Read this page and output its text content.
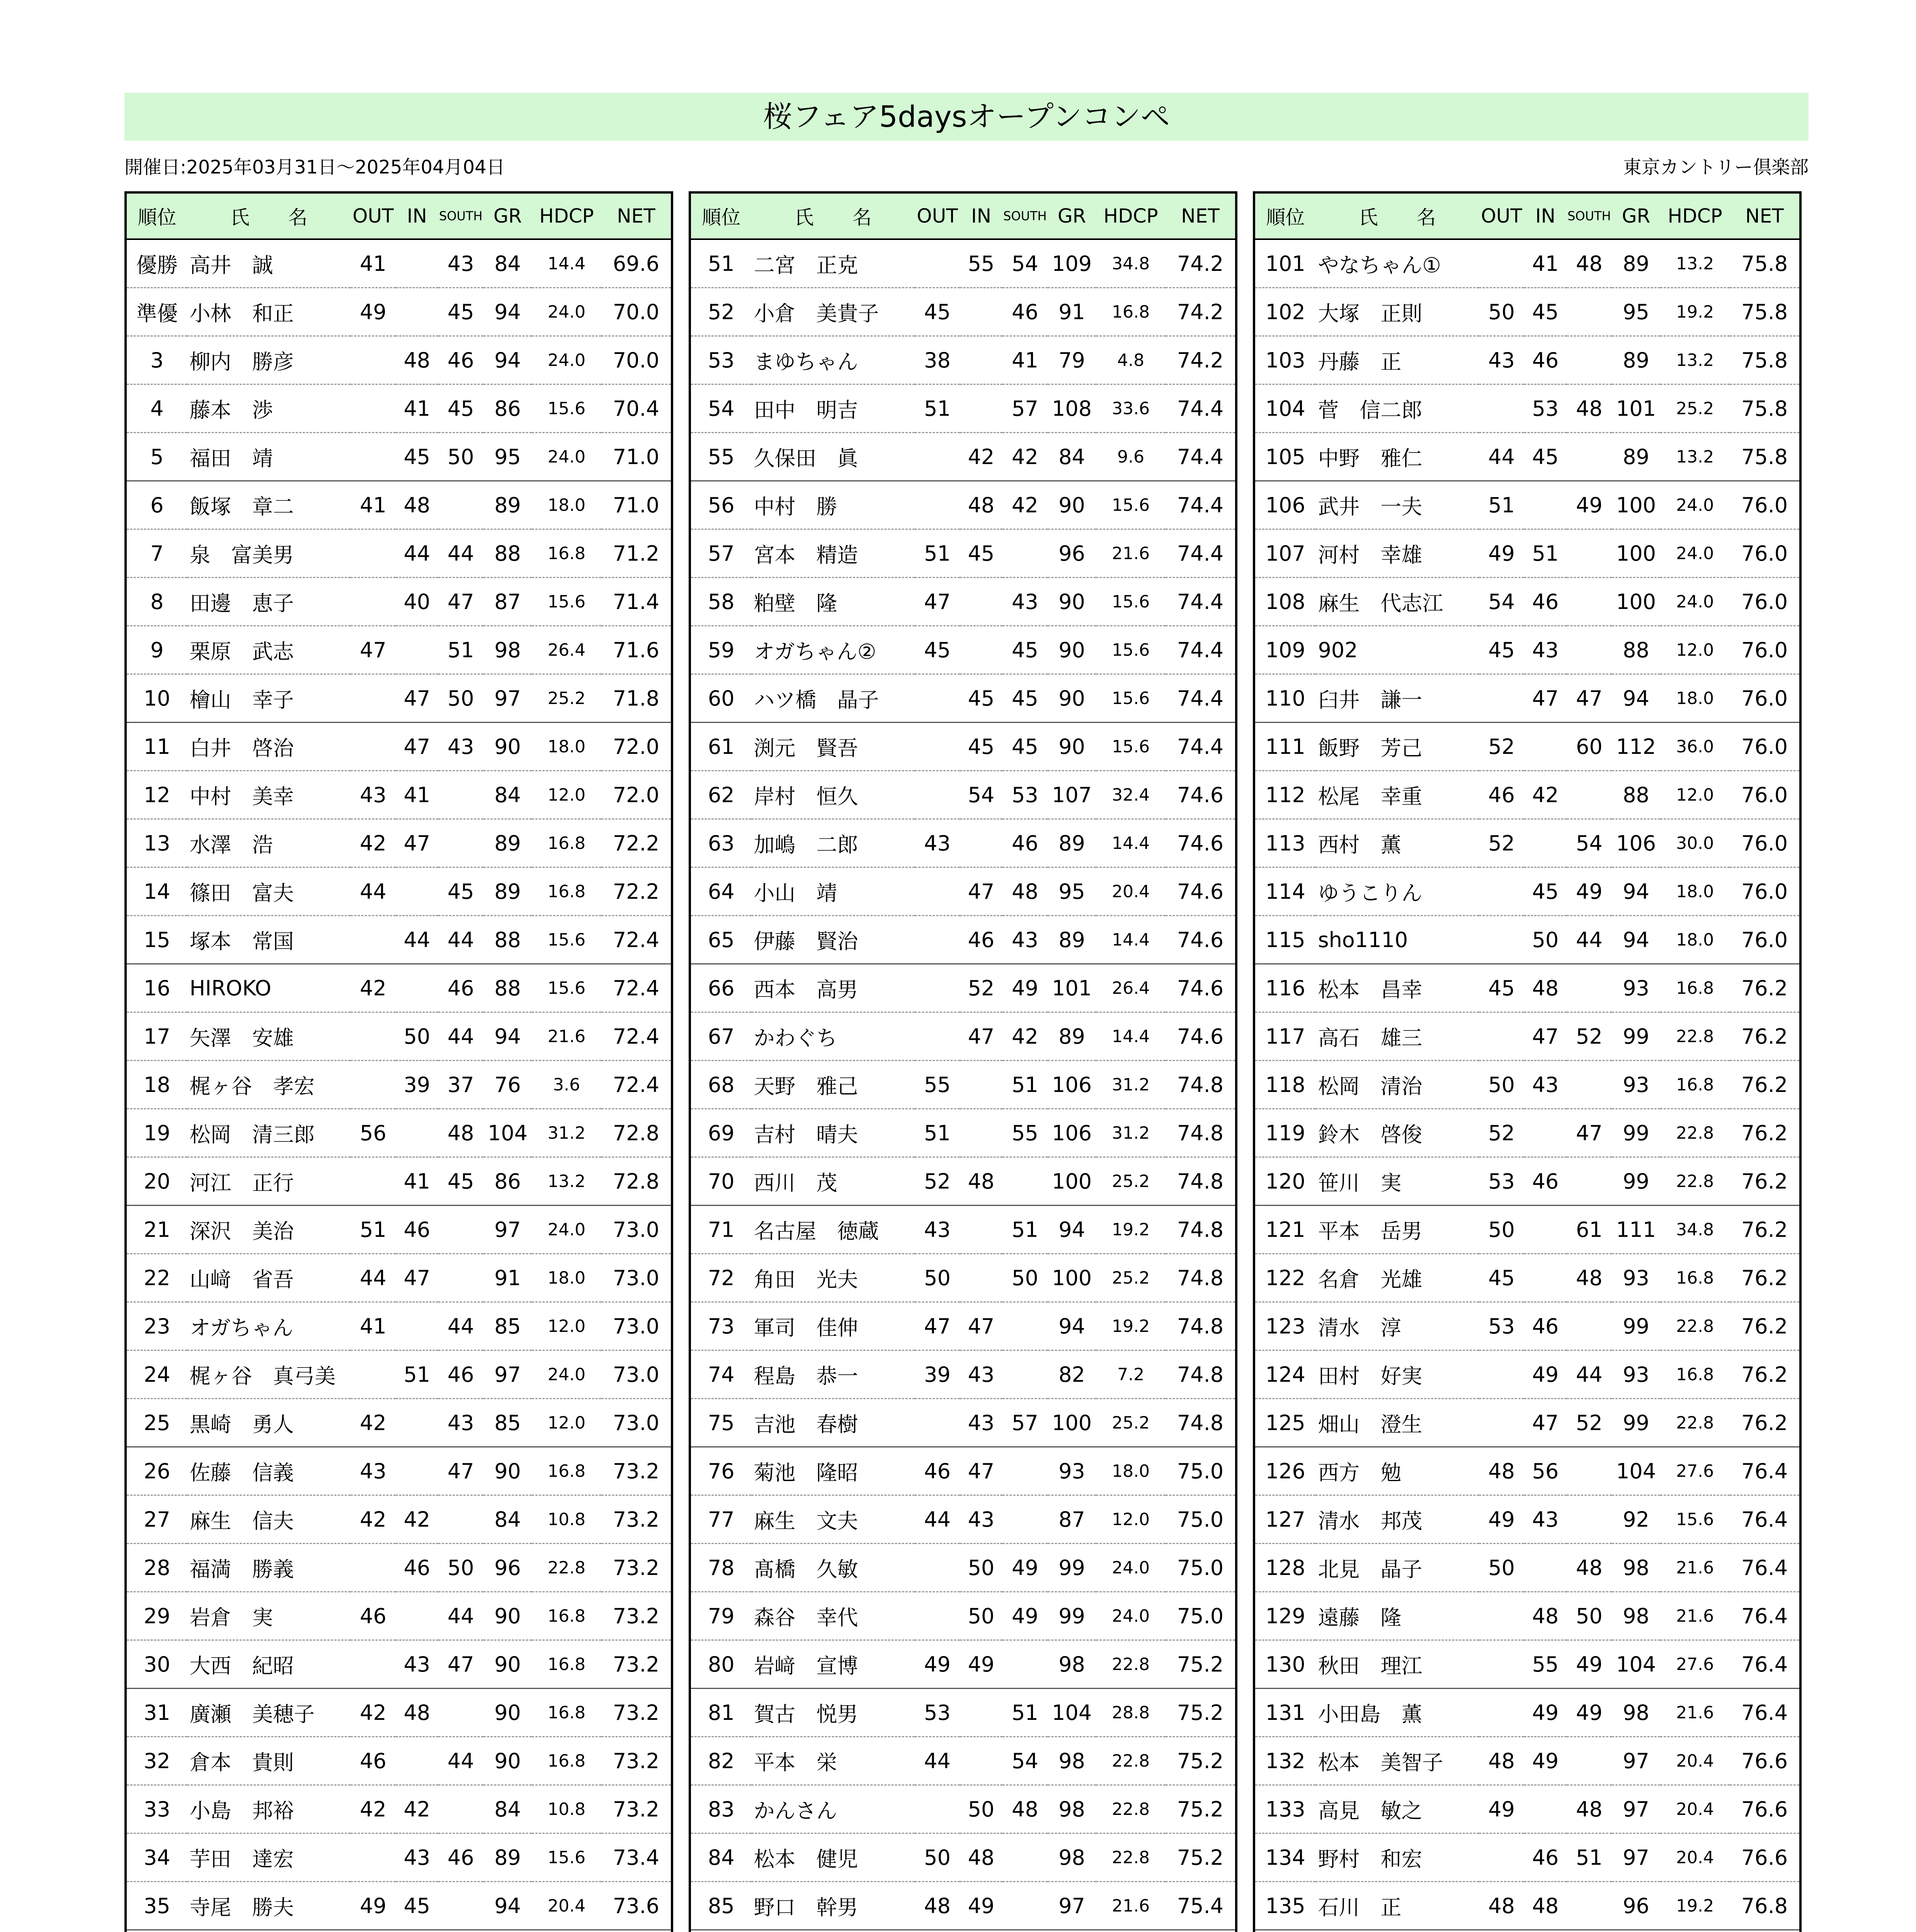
桜フェア5daysオープンコンペ
開催日:2025年03月31日～2025年04月04日	東京カントリー倶楽部
順位	氏　　名	OUT	IN	SOUTH	GR	HDCP	NET
優勝	高井　誠	41		43	84	14.4	69.6
準優	小林　和正	49		45	94	24.0	70.0
3	柳内　勝彦		48	46	94	24.0	70.0
4	藤本　渉		41	45	86	15.6	70.4
5	福田　靖		45	50	95	24.0	71.0
6	飯塚　章二	41	48		89	18.0	71.0
7	泉　富美男		44	44	88	16.8	71.2
8	田邊　恵子		40	47	87	15.6	71.4
9	栗原　武志	47		51	98	26.4	71.6
10	檜山　幸子		47	50	97	25.2	71.8
11	白井　啓治		47	43	90	18.0	72.0
12	中村　美幸	43	41		84	12.0	72.0
13	水澤　浩	42	47		89	16.8	72.2
14	篠田　富夫	44		45	89	16.8	72.2
15	塚本　常国		44	44	88	15.6	72.4
16	HIROKO	42		46	88	15.6	72.4
17	矢澤　安雄		50	44	94	21.6	72.4
18	梶ヶ谷　孝宏		39	37	76	3.6	72.4
19	松岡　清三郎	56		48	104	31.2	72.8
20	河江　正行		41	45	86	13.2	72.8
21	深沢　美治	51	46		97	24.0	73.0
22	山﨑　省吾	44	47		91	18.0	73.0
23	オガちゃん	41		44	85	12.0	73.0
24	梶ヶ谷　真弓美		51	46	97	24.0	73.0
25	黒崎　勇人	42		43	85	12.0	73.0
26	佐藤　信義	43		47	90	16.8	73.2
27	麻生　信夫	42	42		84	10.8	73.2
28	福満　勝義		46	50	96	22.8	73.2
29	岩倉　実	46		44	90	16.8	73.2
30	大西　紀昭		43	47	90	16.8	73.2
31	廣瀬　美穂子	42	48		90	16.8	73.2
32	倉本　貴則	46		44	90	16.8	73.2
33	小島　邦裕	42	42		84	10.8	73.2
34	芋田　達宏		43	46	89	15.6	73.4
35	寺尾　勝夫	49	45		94	20.4	73.6

順位	氏　　名	OUT	IN	SOUTH	GR	HDCP	NET
51	二宮　正克		55	54	109	34.8	74.2
52	小倉　美貴子	45		46	91	16.8	74.2
53	まゆちゃん	38		41	79	4.8	74.2
54	田中　明吉	51		57	108	33.6	74.4
55	久保田　眞		42	42	84	9.6	74.4
56	中村　勝		48	42	90	15.6	74.4
57	宮本　精造	51	45		96	21.6	74.4
58	粕壁　隆	47		43	90	15.6	74.4
59	オガちゃん②	45		45	90	15.6	74.4
60	ハツ橋　晶子		45	45	90	15.6	74.4
61	渕元　賢吾		45	45	90	15.6	74.4
62	岸村　恒久		54	53	107	32.4	74.6
63	加嶋　二郎	43		46	89	14.4	74.6
64	小山　靖		47	48	95	20.4	74.6
65	伊藤　賢治		46	43	89	14.4	74.6
66	西本　高男		52	49	101	26.4	74.6
67	かわぐち		47	42	89	14.4	74.6
68	天野　雅己	55		51	106	31.2	74.8
69	吉村　晴夫	51		55	106	31.2	74.8
70	西川　茂	52	48		100	25.2	74.8
71	名古屋　徳蔵	43		51	94	19.2	74.8
72	角田　光夫	50		50	100	25.2	74.8
73	軍司　佳伸	47	47		94	19.2	74.8
74	程島　恭一	39	43		82	7.2	74.8
75	吉池　春樹		43	57	100	25.2	74.8
76	菊池　隆昭	46	47		93	18.0	75.0
77	麻生　文夫	44	43		87	12.0	75.0
78	髙橋　久敏		50	49	99	24.0	75.0
79	森谷　幸代		50	49	99	24.0	75.0
80	岩﨑　宣博	49	49		98	22.8	75.2
81	賀古　悦男	53		51	104	28.8	75.2
82	平本　栄	44		54	98	22.8	75.2
83	かんさん		50	48	98	22.8	75.2
84	松本　健児	50	48		98	22.8	75.2
85	野口　幹男	48	49		97	21.6	75.4

順位	氏　　名	OUT	IN	SOUTH	GR	HDCP	NET
101	やなちゃん①		41	48	89	13.2	75.8
102	大塚　正則	50	45		95	19.2	75.8
103	丹藤　正	43	46		89	13.2	75.8
104	菅　信二郎		53	48	101	25.2	75.8
105	中野　雅仁	44	45		89	13.2	75.8
106	武井　一夫	51		49	100	24.0	76.0
107	河村　幸雄	49	51		100	24.0	76.0
108	麻生　代志江	54	46		100	24.0	76.0
109	902	45	43		88	12.0	76.0
110	臼井　謙一		47	47	94	18.0	76.0
111	飯野　芳己	52		60	112	36.0	76.0
112	松尾　幸重	46	42		88	12.0	76.0
113	西村　薫	52		54	106	30.0	76.0
114	ゆうこりん		45	49	94	18.0	76.0
115	sho1110		50	44	94	18.0	76.0
116	松本　昌幸	45	48		93	16.8	76.2
117	高石　雄三		47	52	99	22.8	76.2
118	松岡　清治	50	43		93	16.8	76.2
119	鈴木　啓俊	52		47	99	22.8	76.2
120	笹川　実	53	46		99	22.8	76.2
121	平本　岳男	50		61	111	34.8	76.2
122	名倉　光雄	45		48	93	16.8	76.2
123	清水　淳	53	46		99	22.8	76.2
124	田村　好実		49	44	93	16.8	76.2
125	畑山　澄生		47	52	99	22.8	76.2
126	西方　勉	48	56		104	27.6	76.4
127	清水　邦茂	49	43		92	15.6	76.4
128	北見　晶子	50		48	98	21.6	76.4
129	遠藤　隆		48	50	98	21.6	76.4
130	秋田　理江		55	49	104	27.6	76.4
131	小田島　薫		49	49	98	21.6	76.4
132	松本　美智子	48	49		97	20.4	76.6
133	高見　敏之	49		48	97	20.4	76.6
134	野村　和宏		46	51	97	20.4	76.6
135	石川　正	48	48		96	19.2	76.8
